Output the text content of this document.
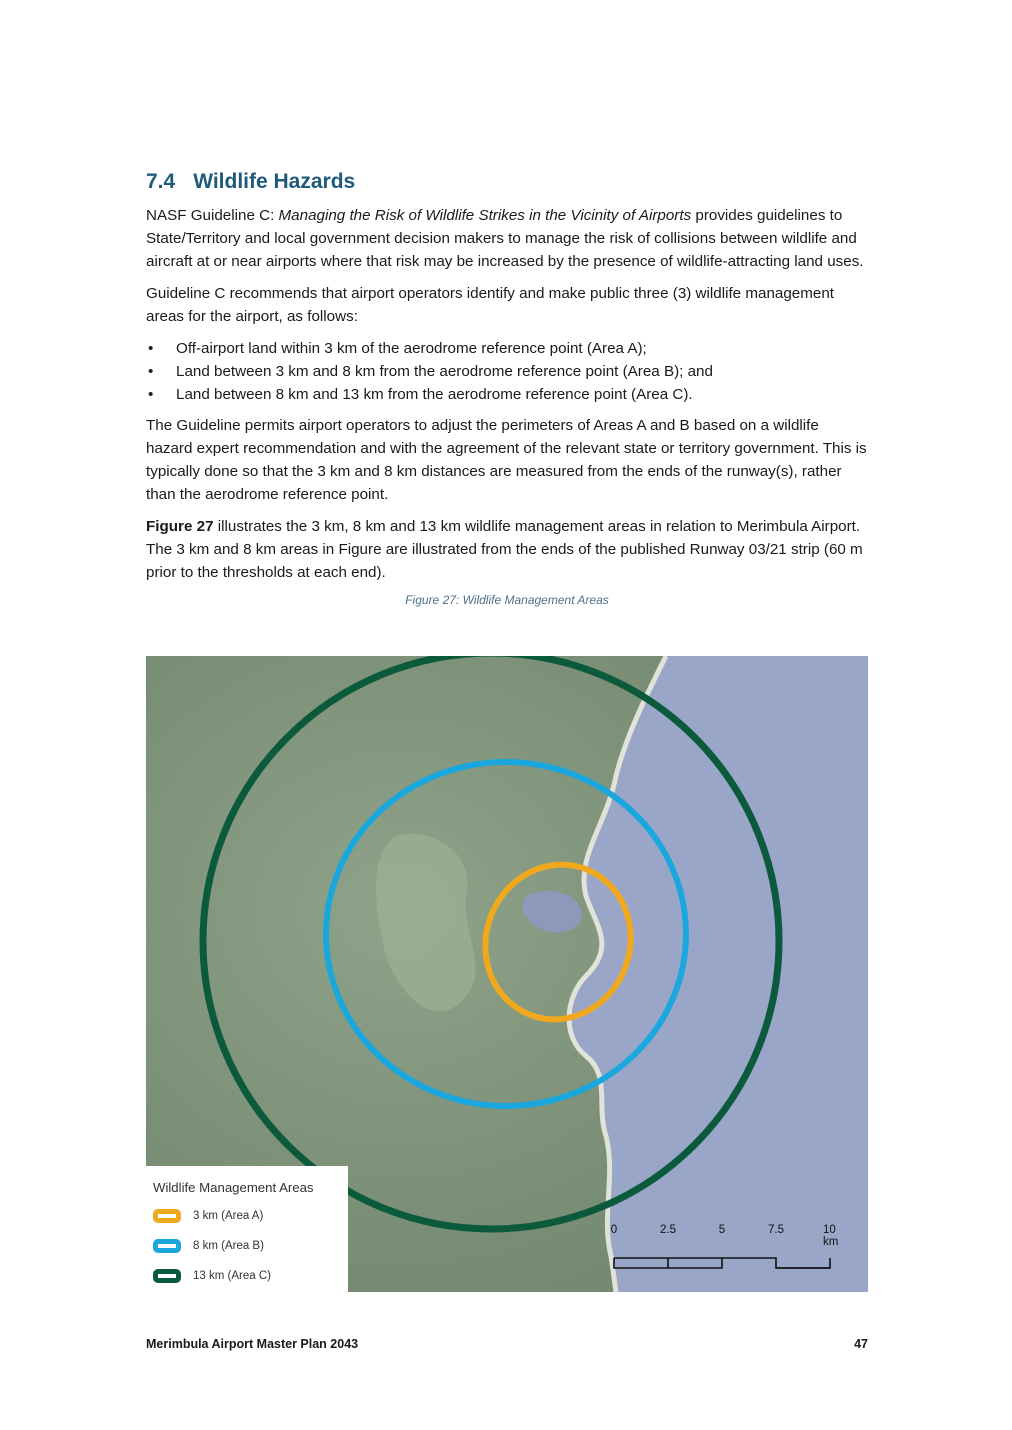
7.4 Wildlife Hazards

NASF Guideline C: Managing the Risk of Wildlife Strikes in the Vicinity of Airports provides guidelines to State/Territory and local government decision makers to manage the risk of collisions between wildlife and aircraft at or near airports where that risk may be increased by the presence of wildlife-attracting land uses.

Guideline C recommends that airport operators identify and make public three (3) wildlife management areas for the airport, as follows:

• Off-airport land within 3 km of the aerodrome reference point (Area A);
• Land between 3 km and 8 km from the aerodrome reference point (Area B); and
• Land between 8 km and 13 km from the aerodrome reference point (Area C).

The Guideline permits airport operators to adjust the perimeters of Areas A and B based on a wildlife hazard expert recommendation and with the agreement of the relevant state or territory government. This is typically done so that the 3 km and 8 km distances are measured from the ends of the runway(s), rather than the aerodrome reference point.

Figure 27 illustrates the 3 km, 8 km and 13 km wildlife management areas in relation to Merimbula Airport. The 3 km and 8 km areas in Figure are illustrated from the ends of the published Runway 03/21 strip (60 m prior to the thresholds at each end).

Figure 27: Wildlife Management Areas
Wildlife Management Areas
3 km (Area A)
8 km (Area B)
13 km (Area C)
0	2.5	5	7.5	10 km
Merimbula Airport Master Plan 2043	47
